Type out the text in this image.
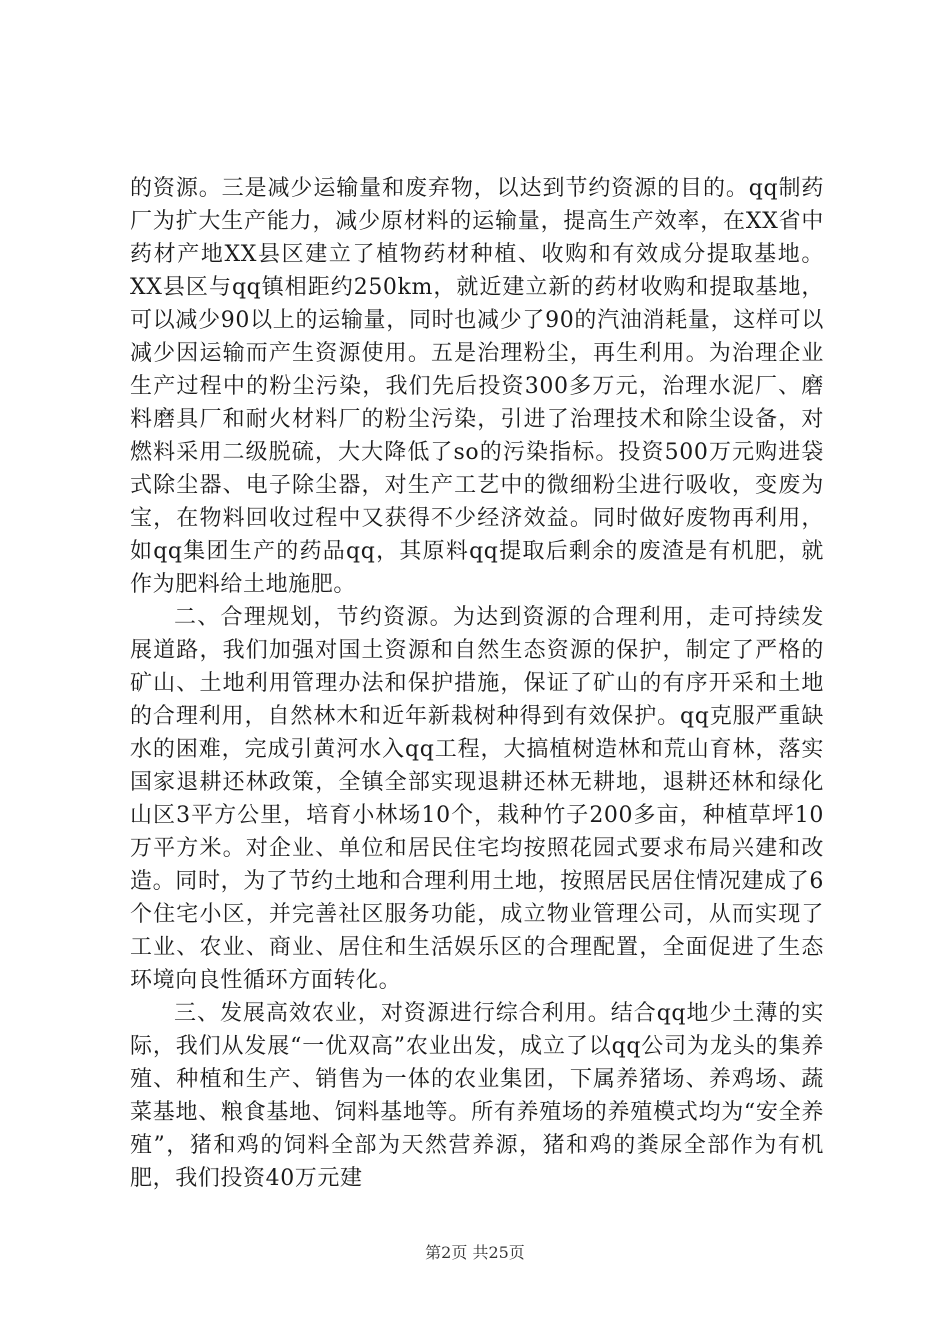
的资源。三是减少运输量和废弃物，以达到节约资源的目的。qq制药厂为扩大生产能力，减少原材料的运输量，提高生产效率，在XX省中药材产地XX县区建立了植物药材种植、收购和有效成分提取基地。XX县区与qq镇相距约250km，就近建立新的药材收购和提取基地，可以减少90以上的运输量，同时也减少了90的汽油消耗量，这样可以减少因运输而产生资源使用。五是治理粉尘，再生利用。为治理企业生产过程中的粉尘污染，我们先后投资300多万元，治理水泥厂、磨料磨具厂和耐火材料厂的粉尘污染，引进了治理技术和除尘设备，对燃料采用二级脱硫，大大降低了so的污染指标。投资500万元购进袋式除尘器、电子除尘器，对生产工艺中的微细粉尘进行吸收，变废为宝，在物料回收过程中又获得不少经济效益。同时做好废物再利用，如qq集团生产的药品qq，其原料qq提取后剩余的废渣是有机肥，就作为肥料给土地施肥。

二、合理规划，节约资源。为达到资源的合理利用，走可持续发展道路，我们加强对国土资源和自然生态资源的保护，制定了严格的矿山、土地利用管理办法和保护措施，保证了矿山的有序开采和土地的合理利用，自然林木和近年新栽树种得到有效保护。qq克服严重缺水的困难，完成引黄河水入qq工程，大搞植树造林和荒山育林，落实国家退耕还林政策，全镇全部实现退耕还林无耕地，退耕还林和绿化山区3平方公里，培育小林场10个，栽种竹子200多亩，种植草坪10万平方米。对企业、单位和居民住宅均按照花园式要求布局兴建和改造。同时，为了节约土地和合理利用土地，按照居民居住情况建成了6个住宅小区，并完善社区服务功能，成立物业管理公司，从而实现了工业、农业、商业、居住和生活娱乐区的合理配置，全面促进了生态环境向良性循环方面转化。

三、发展高效农业，对资源进行综合利用。结合qq地少土薄的实际，我们从发展“一优双高”农业出发，成立了以qq公司为龙头的集养殖、种植和生产、销售为一体的农业集团，下属养猪场、养鸡场、蔬菜基地、粮食基地、饲料基地等。所有养殖场的养殖模式均为“安全养殖”，猪和鸡的饲料全部为天然营养源，猪和鸡的粪尿全部作为有机肥，我们投资40万元建

第2页 共25页
